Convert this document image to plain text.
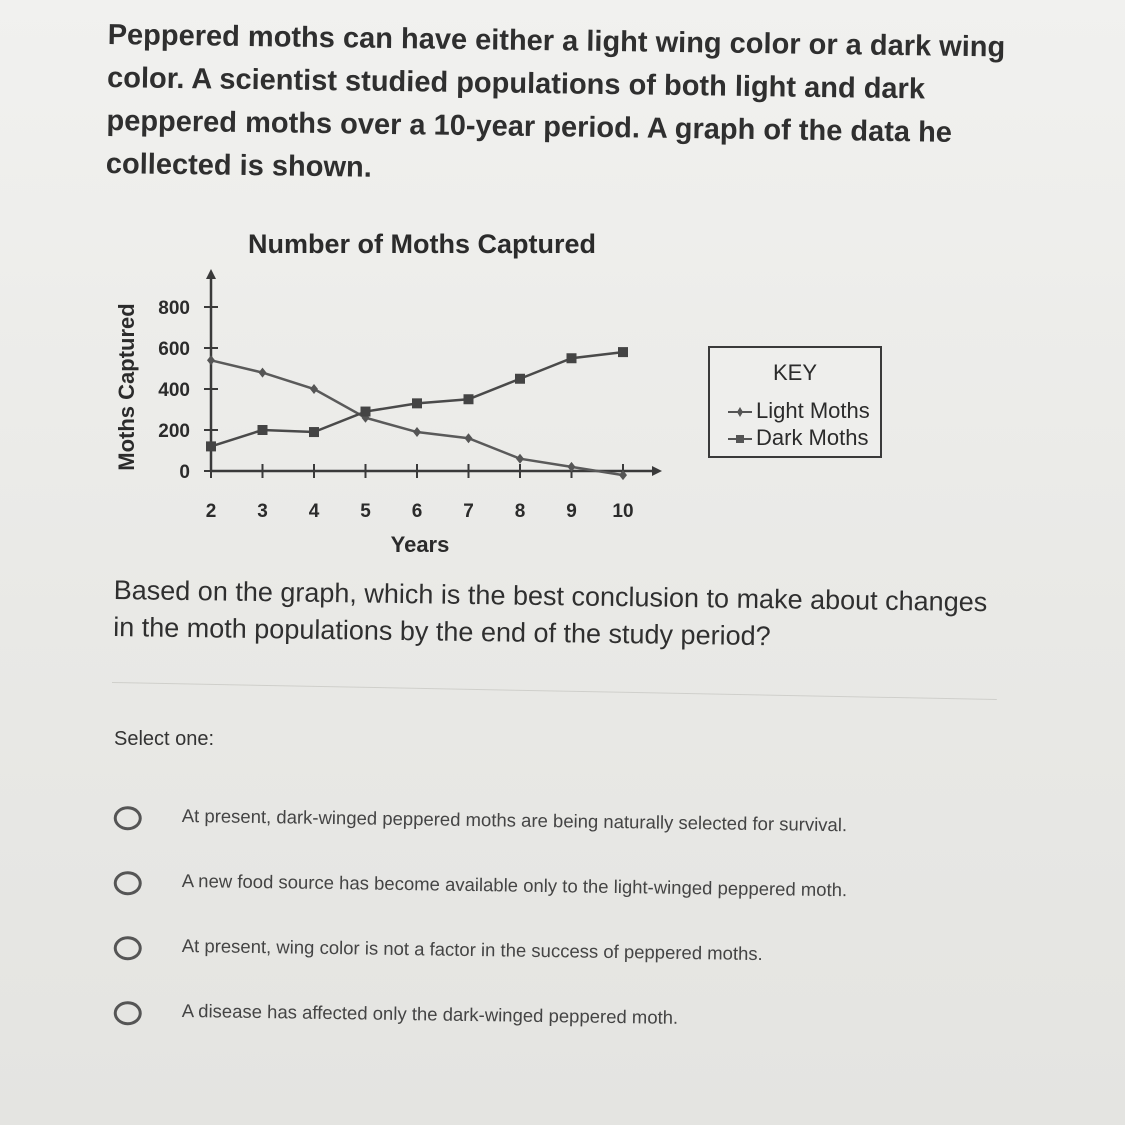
Peppered moths can have either a light wing color or a dark wing color. A scientist studied populations of both light and dark peppered moths over a 10-year period. A graph of the data he collected is shown.
Number of Moths Captured
Moths Captured
Years
0
200
400
600
800
2 3 4 5 6 7 8 9 10
KEY
Light Moths
Dark Moths
Based on the graph, which is the best conclusion to make about changes in the moth populations by the end of the study period?
Select one:
At present, dark-winged peppered moths are being naturally selected for survival.
A new food source has become available only to the light-winged peppered moth.
At present, wing color is not a factor in the success of peppered moths.
A disease has affected only the dark-winged peppered moth.
